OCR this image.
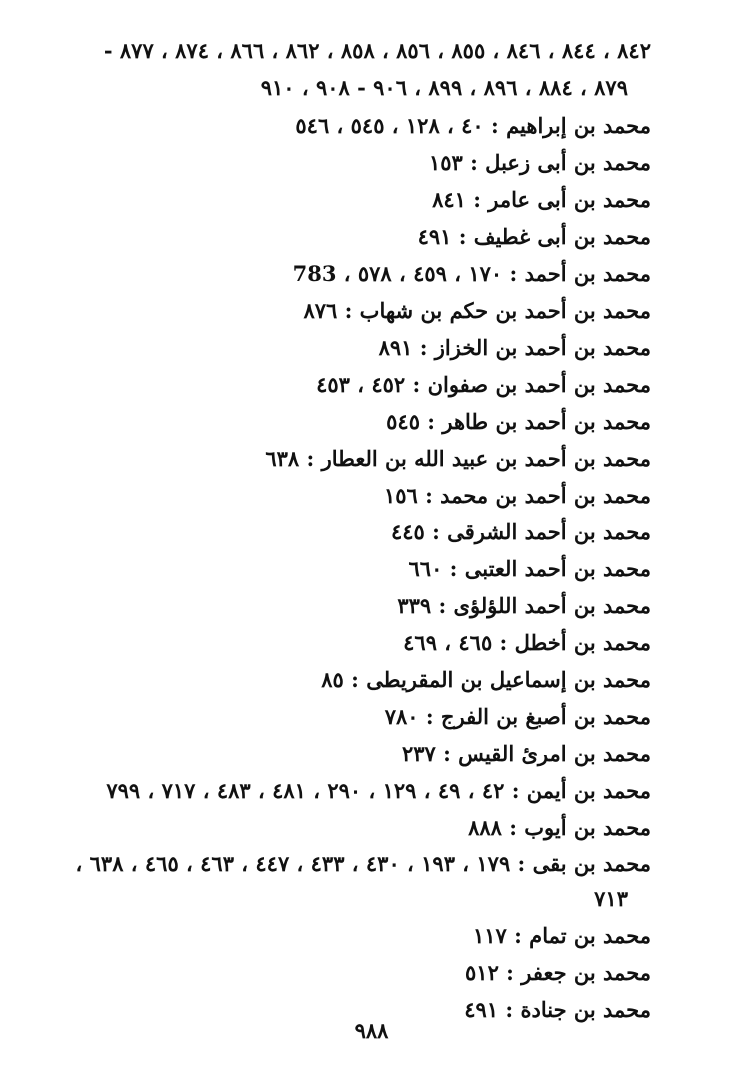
٨٤٢ ، ٨٤٤ ، ٨٤٦ ، ٨٥٥ ، ٨٥٦ ، ٨٥٨ ، ٨٦٢ ، ٨٦٦ ، ٨٧٤ ، ٨٧٧ -
٨٧٩ ، ٨٨٤ ، ٨٩٦ ، ٨٩٩ ، ٩٠٦ - ٩٠٨ ، ٩١٠
محمد بن إبراهيم : ٤٠ ، ١٢٨ ، ٥٤٥ ، ٥٤٦
محمد بن أبى زعبل : ١٥٣
محمد بن أبى عامر : ٨٤١
محمد بن أبى غطيف : ٤٩١
محمد بن أحمد : ١٧٠ ، ٤٥٩ ، ٥٧٨ ، 783
محمد بن أحمد بن حكم بن شهاب : ٨٧٦
محمد بن أحمد بن الخزاز : ٨٩١
محمد بن أحمد بن صفوان : ٤٥٢ ، ٤٥٣
محمد بن أحمد بن طاهر : ٥٤٥
محمد بن أحمد بن عبيد الله بن العطار : ٦٣٨
محمد بن أحمد بن محمد : ١٥٦
محمد بن أحمد الشرقى : ٤٤٥
محمد بن أحمد العتبى : ٦٦٠
محمد بن أحمد اللؤلؤى : ٣٣٩
محمد بن أخطل : ٤٦٥ ، ٤٦٩
محمد بن إسماعيل بن المقريطى : ٨٥
محمد بن أصبغ بن الفرج : ٧٨٠
محمد بن امرئ القيس : ٢٣٧
محمد بن أيمن : ٤٢ ، ٤٩ ، ١٢٩ ، ٢٩٠ ، ٤٨١ ، ٤٨٣ ، ٧١٧ ، ٧٩٩
محمد بن أيوب : ٨٨٨
محمد بن بقى : ١٧٩ ، ١٩٣ ، ٤٣٠ ، ٤٣٣ ، ٤٤٧ ، ٤٦٣ ، ٤٦٥ ، ٦٣٨ ،
٧١٣
محمد بن تمام : ١١٧
محمد بن جعفر : ٥١٢
محمد بن جنادة : ٤٩١
٩٨٨
